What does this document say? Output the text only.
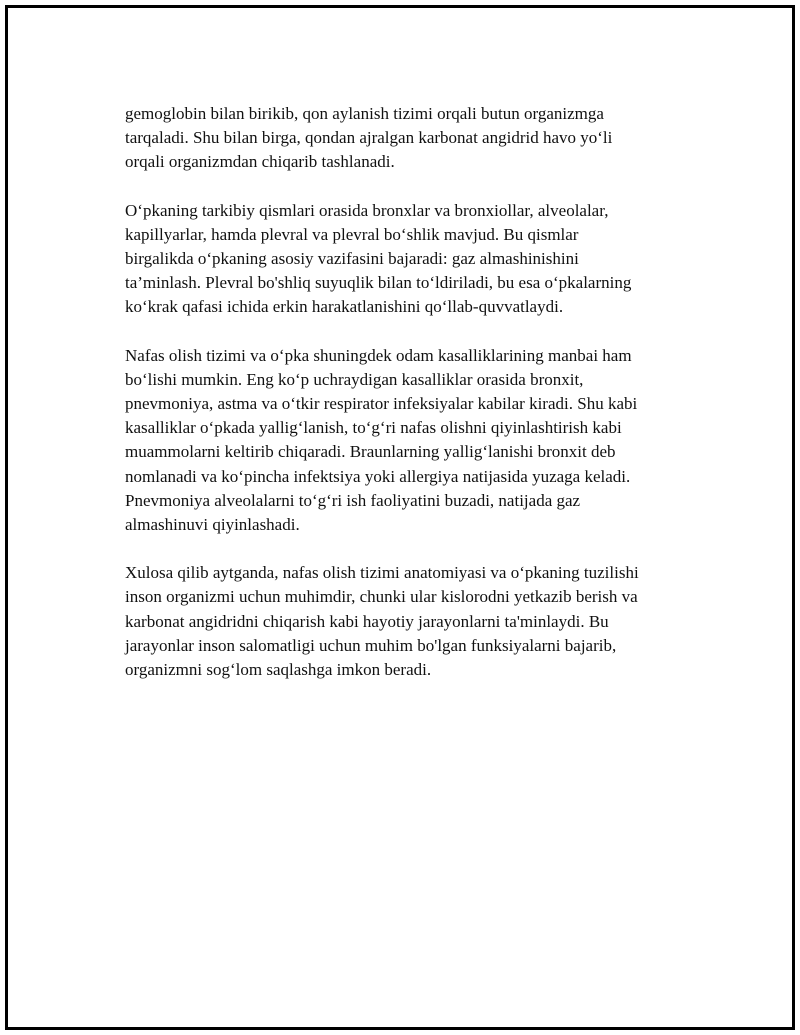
gemoglobin bilan birikib, qon aylanish tizimi orqali butun organizmga
tarqaladi. Shu bilan birga, qondan ajralgan karbonat angidrid havo yo‘li
orqali organizmdan chiqarib tashlanadi.

O‘pkaning tarkibiy qismlari orasida bronxlar va bronxiollar, alveolalar,
kapillyarlar, hamda plevral va plevral bo‘shlik mavjud. Bu qismlar
birgalikda o‘pkaning asosiy vazifasini bajaradi: gaz almashinishini
ta’minlash. Plevral bo'shliq suyuqlik bilan to‘ldiriladi, bu esa o‘pkalarning
ko‘krak qafasi ichida erkin harakatlanishini qo‘llab-quvvatlaydi.

Nafas olish tizimi va o‘pka shuningdek odam kasalliklarining manbai ham
bo‘lishi mumkin. Eng ko‘p uchraydigan kasalliklar orasida bronxit,
pnevmoniya, astma va o‘tkir respirator infeksiyalar kabilar kiradi. Shu kabi
kasalliklar o‘pkada yallig‘lanish, to‘g‘ri nafas olishni qiyinlashtirish kabi
muammolarni keltirib chiqaradi. Braunlarning yallig‘lanishi bronxit deb
nomlanadi va ko‘pincha infektsiya yoki allergiya natijasida yuzaga keladi.
Pnevmoniya alveolalarni to‘g‘ri ish faoliyatini buzadi, natijada gaz
almashinuvi qiyinlashadi.

Xulosa qilib aytganda, nafas olish tizimi anatomiyasi va o‘pkaning tuzilishi
inson organizmi uchun muhimdir, chunki ular kislorodni yetkazib berish va
karbonat angidridni chiqarish kabi hayotiy jarayonlarni ta'minlaydi. Bu
jarayonlar inson salomatligi uchun muhim bo'lgan funksiyalarni bajarib,
organizmni sog‘lom saqlashga imkon beradi.
